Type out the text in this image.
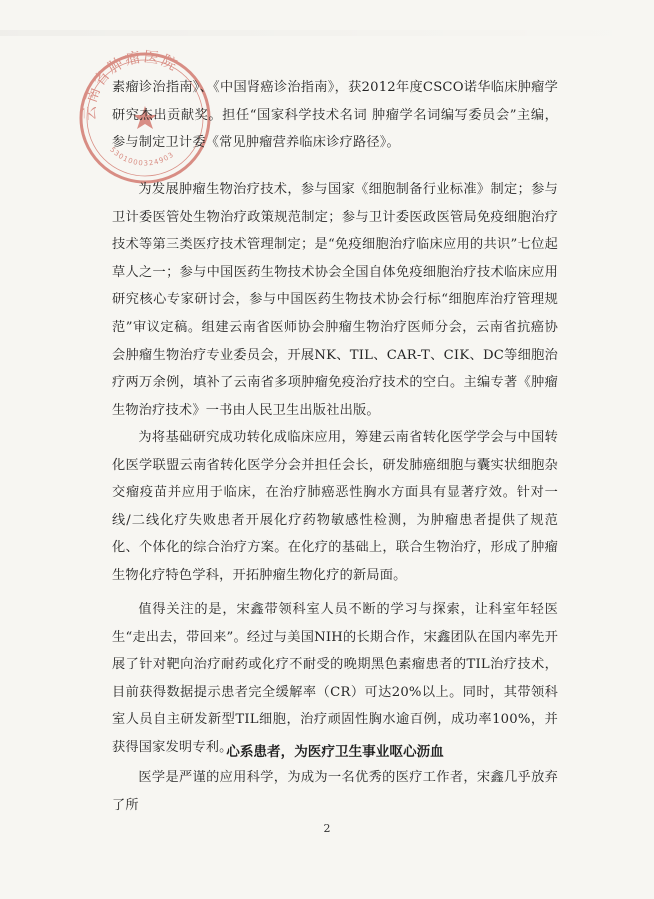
云南省肿瘤医院
5301000324903

素瘤诊治指南》、《中国肾癌诊治指南》，获2012年度CSCO诺华临床肿瘤学研究杰出贡献奖。担任“国家科学技术名词 肿瘤学名词编写委员会”主编，参与制定卫计委《常见肿瘤营养临床诊疗路径》。

为发展肿瘤生物治疗技术，参与国家《细胞制备行业标准》制定；参与卫计委医管处生物治疗政策规范制定；参与卫计委医政医管局免疫细胞治疗技术等第三类医疗技术管理制定；是“免疫细胞治疗临床应用的共识”七位起草人之一；参与中国医药生物技术协会全国自体免疫细胞治疗技术临床应用研究核心专家研讨会，参与中国医药生物技术协会行标“细胞库治疗管理规范”审议定稿。组建云南省医师协会肿瘤生物治疗医师分会，云南省抗癌协会肿瘤生物治疗专业委员会，开展NK、TIL、CAR-T、CIK、DC等细胞治疗两万余例，填补了云南省多项肿瘤免疫治疗技术的空白。主编专著《肿瘤生物治疗技术》一书由人民卫生出版社出版。

为将基础研究成功转化成临床应用，筹建云南省转化医学学会与中国转化医学联盟云南省转化医学分会并担任会长，研发肺癌细胞与囊实状细胞杂交瘤疫苗并应用于临床，在治疗肺癌恶性胸水方面具有显著疗效。针对一线/二线化疗失败患者开展化疗药物敏感性检测，为肿瘤患者提供了规范化、个体化的综合治疗方案。在化疗的基础上，联合生物治疗，形成了肿瘤生物化疗特色学科，开拓肿瘤生物化疗的新局面。

值得关注的是，宋鑫带领科室人员不断的学习与探索，让科室年轻医生“走出去，带回来”。经过与美国NIH的长期合作，宋鑫团队在国内率先开展了针对靶向治疗耐药或化疗不耐受的晚期黑色素瘤患者的TIL治疗技术，目前获得数据提示患者完全缓解率（CR）可达20%以上。同时，其带领科室人员自主研发新型TIL细胞，治疗顽固性胸水逾百例，成功率100%，并获得国家发明专利。

心系患者，为医疗卫生事业呕心沥血

医学是严谨的应用科学，为成为一名优秀的医疗工作者，宋鑫几乎放弃了所

2
